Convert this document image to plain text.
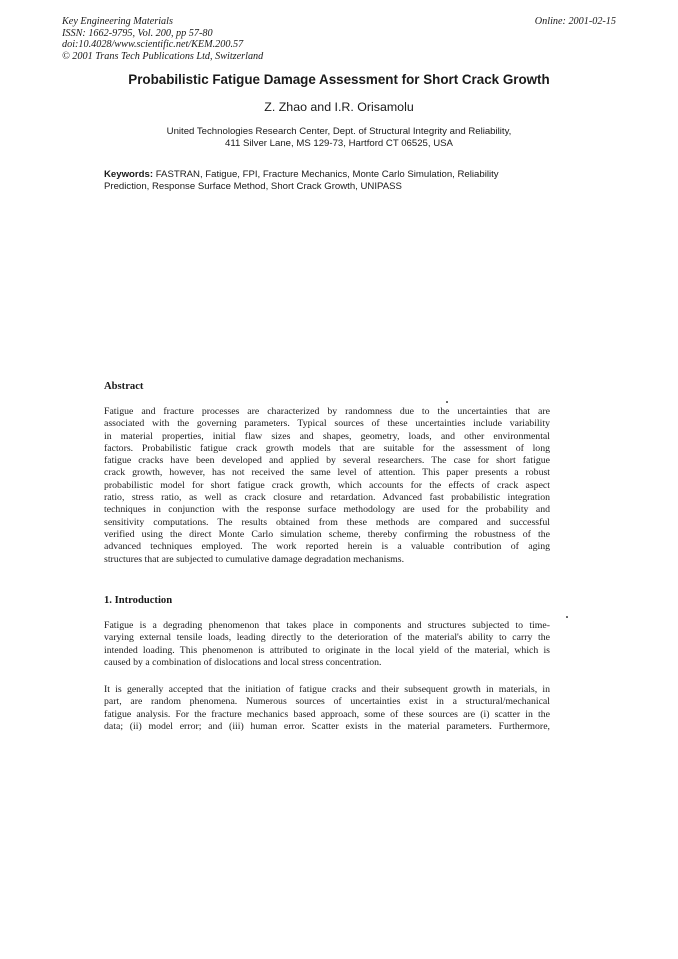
Key Engineering Materials
ISSN: 1662-9795, Vol. 200, pp 57-80
doi:10.4028/www.scientific.net/KEM.200.57
© 2001 Trans Tech Publications Ltd, Switzerland
Online: 2001-02-15
Probabilistic Fatigue Damage Assessment for Short Crack Growth
Z. Zhao and I.R. Orisamolu
United Technologies Research Center, Dept. of Structural Integrity and Reliability,
411 Silver Lane, MS 129-73, Hartford CT 06525, USA
Keywords: FASTRAN, Fatigue, FPI, Fracture Mechanics, Monte Carlo Simulation, Reliability
Prediction, Response Surface Method, Short Crack Growth, UNIPASS
Abstract
Fatigue and fracture processes are characterized by randomness due to the uncertainties that are
associated with the governing parameters. Typical sources of these uncertainties include variability
in material properties, initial flaw sizes and shapes, geometry, loads, and other environmental
factors. Probabilistic fatigue crack growth models that are suitable for the assessment of long
fatigue cracks have been developed and applied by several researchers. The case for short fatigue
crack growth, however, has not received the same level of attention. This paper presents a robust
probabilistic model for short fatigue crack growth, which accounts for the effects of crack aspect
ratio, stress ratio, as well as crack closure and retardation. Advanced fast probabilistic integration
techniques in conjunction with the response surface methodology are used for the probability and
sensitivity computations. The results obtained from these methods are compared and successful
verified using the direct Monte Carlo simulation scheme, thereby confirming the robustness of the
advanced techniques employed. The work reported herein is a valuable contribution of aging
structures that are subjected to cumulative damage degradation mechanisms.
1. Introduction
Fatigue is a degrading phenomenon that takes place in components and structures subjected to time-
varying external tensile loads, leading directly to the deterioration of the material's ability to carry the
intended loading. This phenomenon is attributed to originate in the local yield of the material, which is
caused by a combination of dislocations and local stress concentration.
It is generally accepted that the initiation of fatigue cracks and their subsequent growth in materials, in
part, are random phenomena. Numerous sources of uncertainties exist in a structural/mechanical
fatigue analysis. For the fracture mechanics based approach, some of these sources are (i) scatter in the
data; (ii) model error; and (iii) human error. Scatter exists in the material parameters. Furthermore,
